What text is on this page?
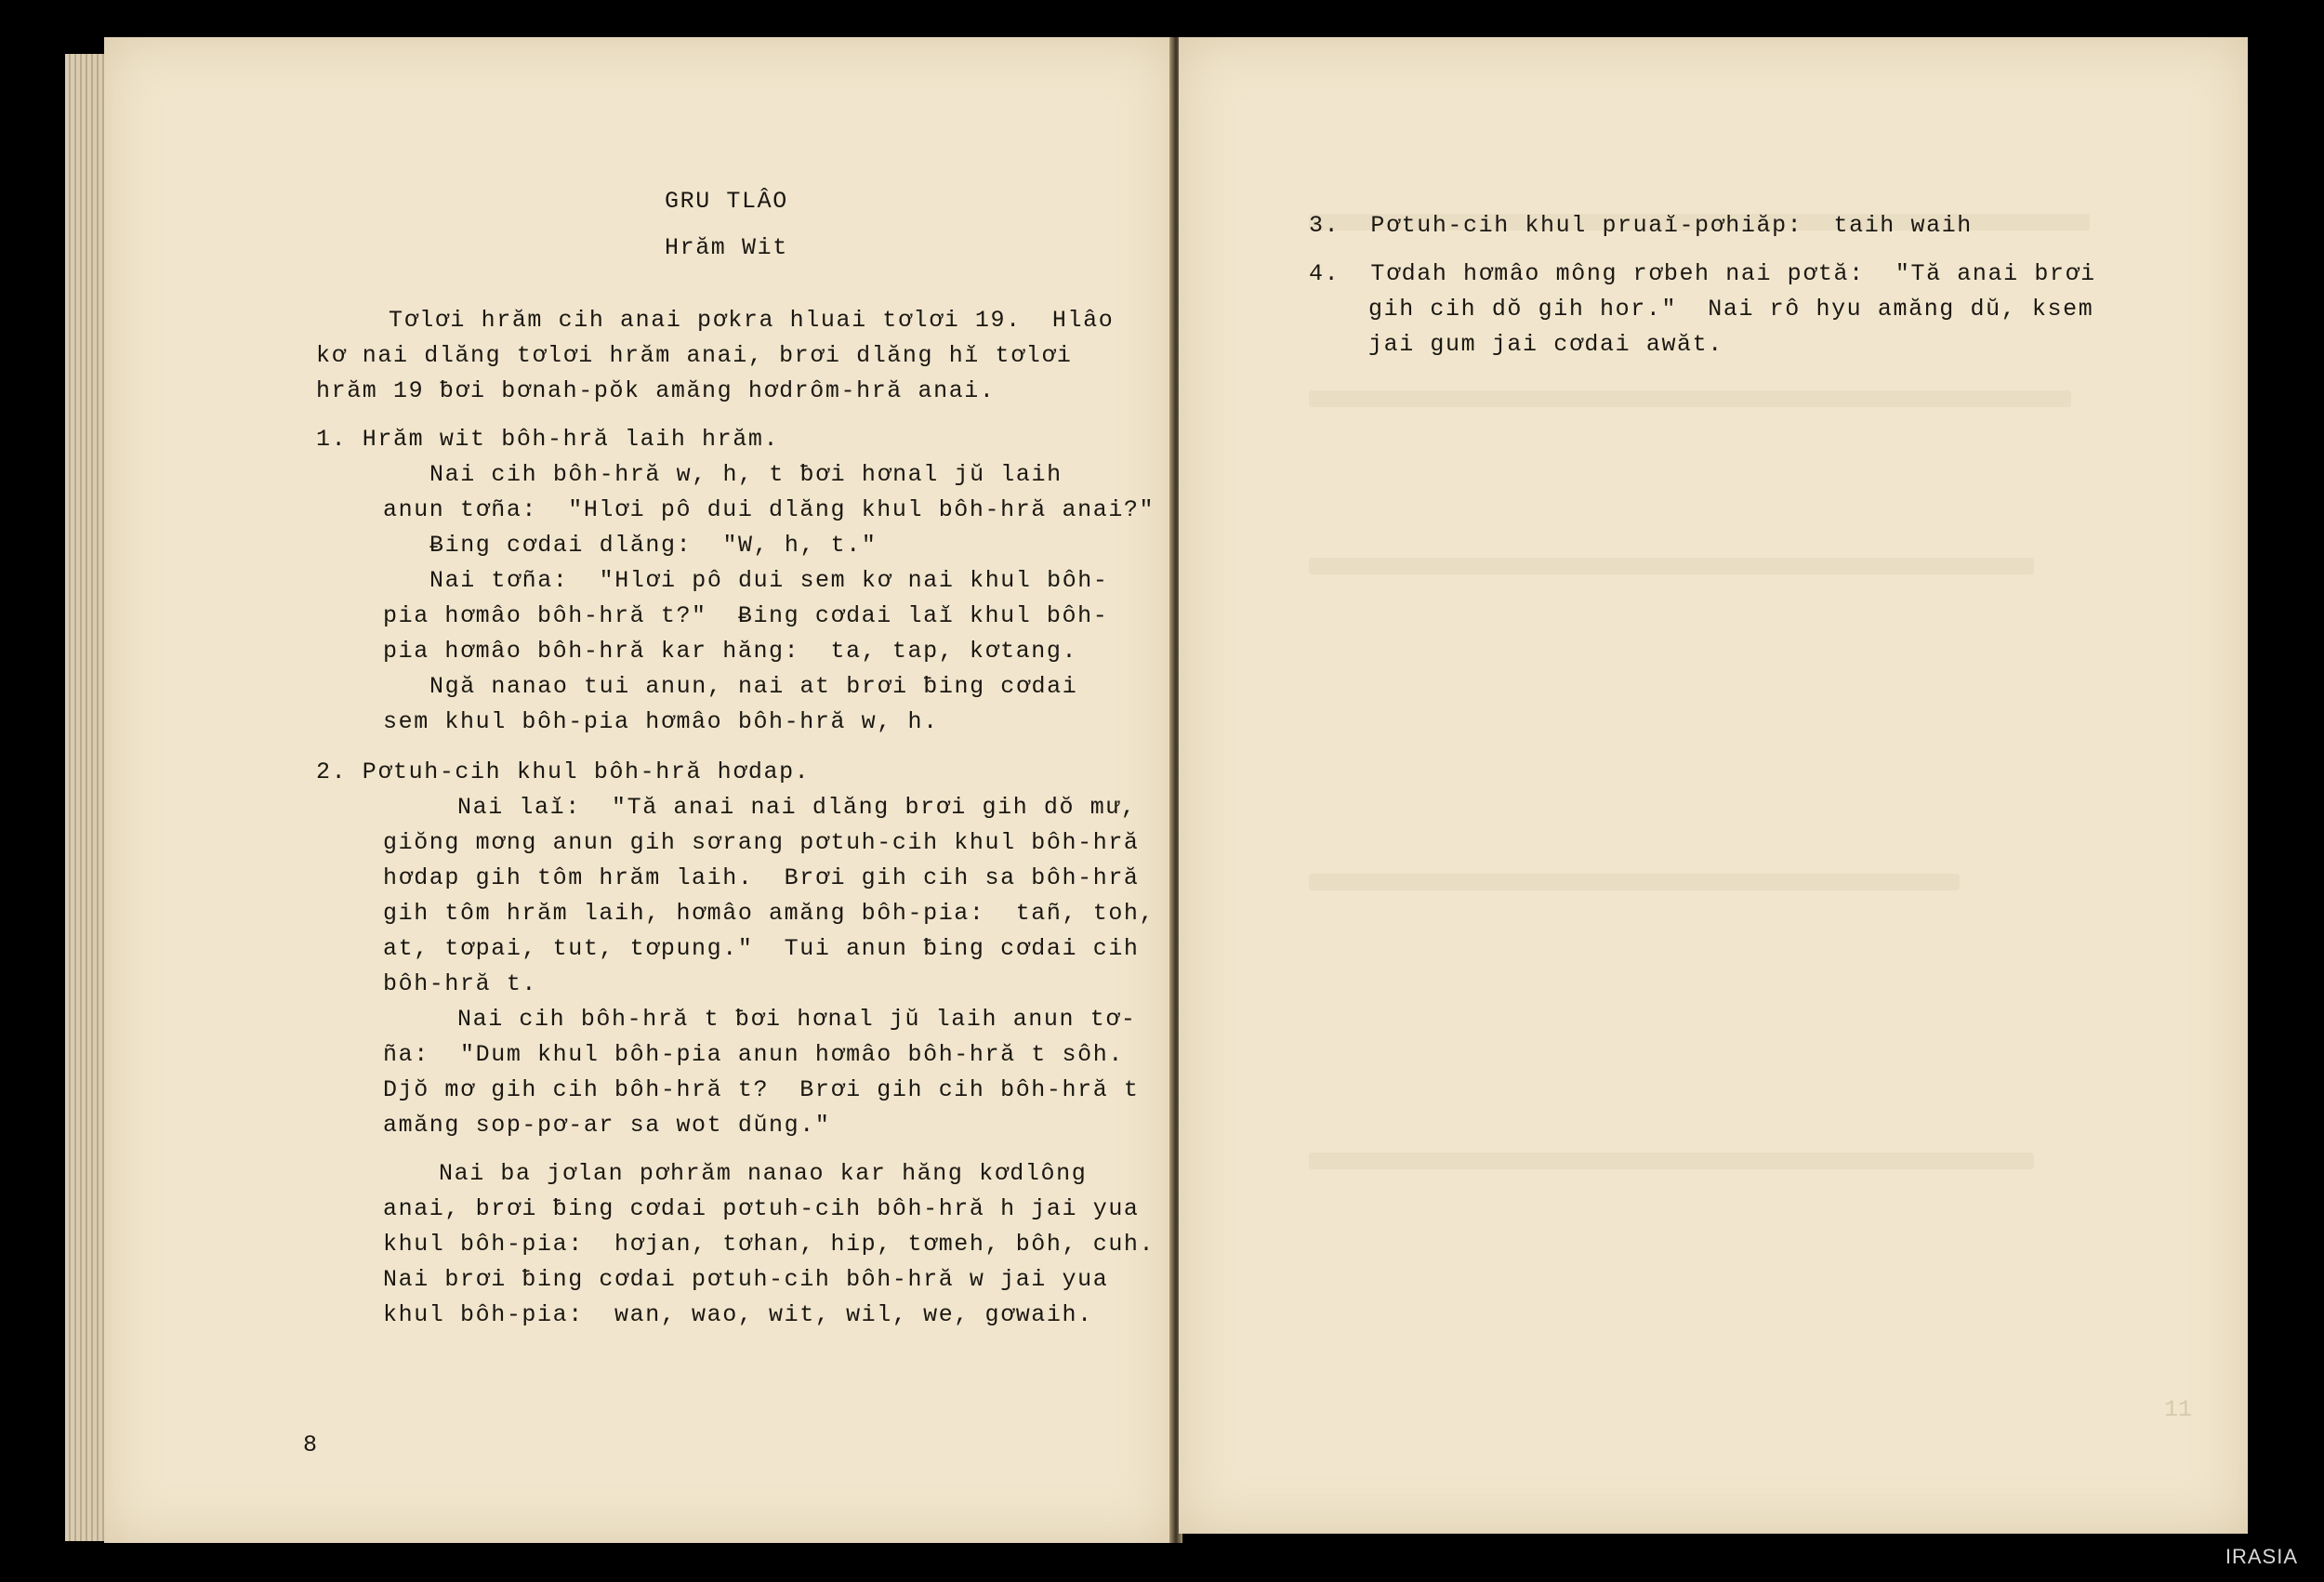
GRU TLÂO
Hrăm Wit
Tơlơi hrăm cih anai pơkra hluai tơlơi 19.  Hlâo
kơ nai dlăng tơlơi hrăm anai, brơi dlăng hĭ tơlơi
hrăm 19 ƀơi bơnah-pŏk amăng hơdrôm-hră anai.
1. Hrăm wit bôh-hră laih hrăm.
Nai cih bôh-hră w, h, t ƀơi hơnal jŭ laih
anun tơña:  "Hlơi pô dui dlăng khul bôh-hră anai?"
Ƀing cơdai dlăng:  "W, h, t."
Nai tơña:  "Hlơi pô dui sem kơ nai khul bôh-
pia hơmâo bôh-hră t?"  Ƀing cơdai laĭ khul bôh-
pia hơmâo bôh-hră kar hăng:  ta, tap, kơtang.
Ngă nanao tui anun, nai at brơi ƀing cơdai
sem khul bôh-pia hơmâo bôh-hră w, h.
2. Pơtuh-cih khul bôh-hră hơdap.
Nai laĭ:  "Tă anai nai dlăng brơi gih dŏ mư,
giŏng mơng anun gih sơrang pơtuh-cih khul bôh-hră
hơdap gih tôm hrăm laih.  Brơi gih cih sa bôh-hră
gih tôm hrăm laih, hơmâo amăng bôh-pia:  tañ, toh,
at, tơpai, tut, tơpung."  Tui anun ƀing cơdai cih
bôh-hră t.
Nai cih bôh-hră t ƀơi hơnal jŭ laih anun tơ-
ña:  "Dum khul bôh-pia anun hơmâo bôh-hră t sôh.
Djŏ mơ gih cih bôh-hră t?  Brơi gih cih bôh-hră t
amăng sop-pơ-ar sa wot dŭng."
Nai ba jơlan pơhrăm nanao kar hăng kơdlông
anai, brơi ƀing cơdai pơtuh-cih bôh-hră h jai yua
khul bôh-pia:  hơjan, tơhan, hip, tơmeh, bôh, cuh.
Nai brơi ƀing cơdai pơtuh-cih bôh-hră w jai yua
khul bôh-pia:  wan, wao, wit, wil, we, gơwaih.
8
3.  Pơtuh-cih khul pruaĭ-pơhiăp:  taih waih
4.  Tơdah hơmâo mông rơbeh nai pơtă:  "Tă anai brơi
gih cih dŏ gih hor."  Nai rô hyu amăng dŭ, ksem
jai gum jai cơdai awăt.
11
IRASIA
